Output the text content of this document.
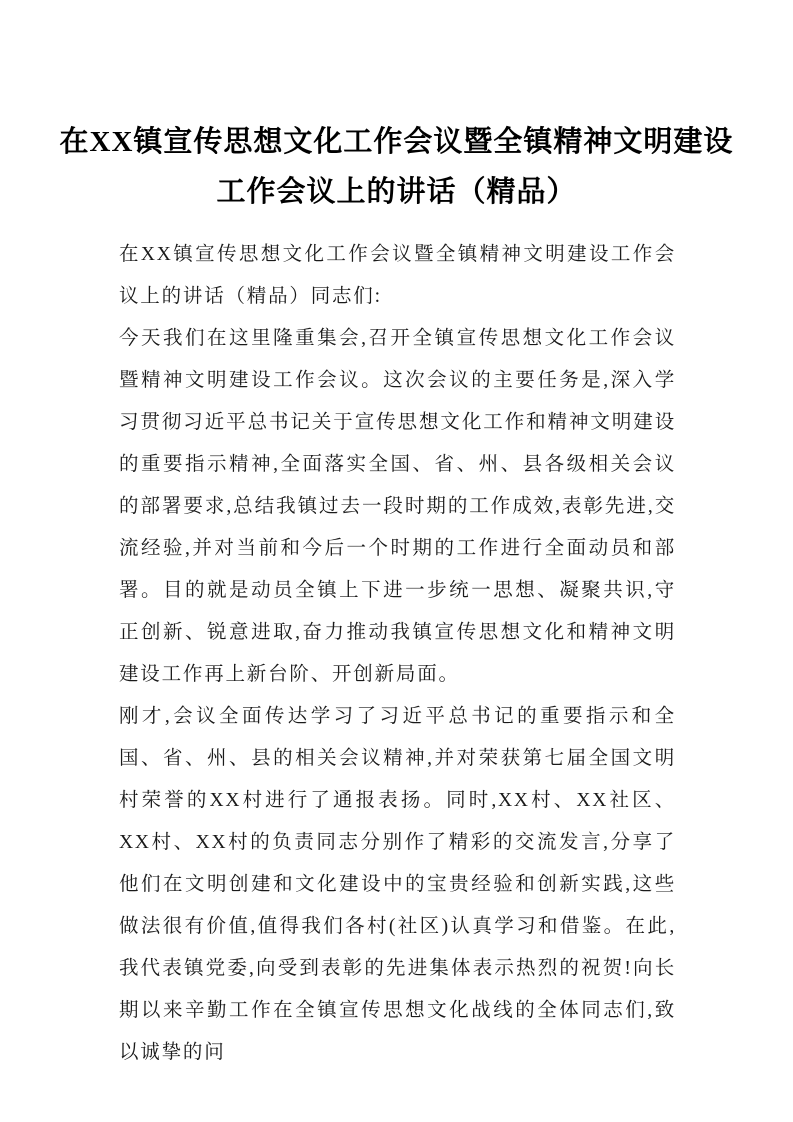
在XX镇宣传思想文化工作会议暨全镇精神文明建设工作会议上的讲话（精品）

在XX镇宣传思想文化工作会议暨全镇精神文明建设工作会议上的讲话（精品）同志们:

今天我们在这里隆重集会,召开全镇宣传思想文化工作会议暨精神文明建设工作会议。这次会议的主要任务是,深入学习贯彻习近平总书记关于宣传思想文化工作和精神文明建设的重要指示精神,全面落实全国、省、州、县各级相关会议的部署要求,总结我镇过去一段时期的工作成效,表彰先进,交流经验,并对当前和今后一个时期的工作进行全面动员和部署。目的就是动员全镇上下进一步统一思想、凝聚共识,守正创新、锐意进取,奋力推动我镇宣传思想文化和精神文明建设工作再上新台阶、开创新局面。

刚才,会议全面传达学习了习近平总书记的重要指示和全国、省、州、县的相关会议精神,并对荣获第七届全国文明村荣誉的XX村进行了通报表扬。同时,XX村、XX社区、XX村、XX村的负责同志分别作了精彩的交流发言,分享了他们在文明创建和文化建设中的宝贵经验和创新实践,这些做法很有价值,值得我们各村(社区)认真学习和借鉴。在此,我代表镇党委,向受到表彰的先进集体表示热烈的祝贺!向长期以来辛勤工作在全镇宣传思想文化战线的全体同志们,致以诚挚的问
